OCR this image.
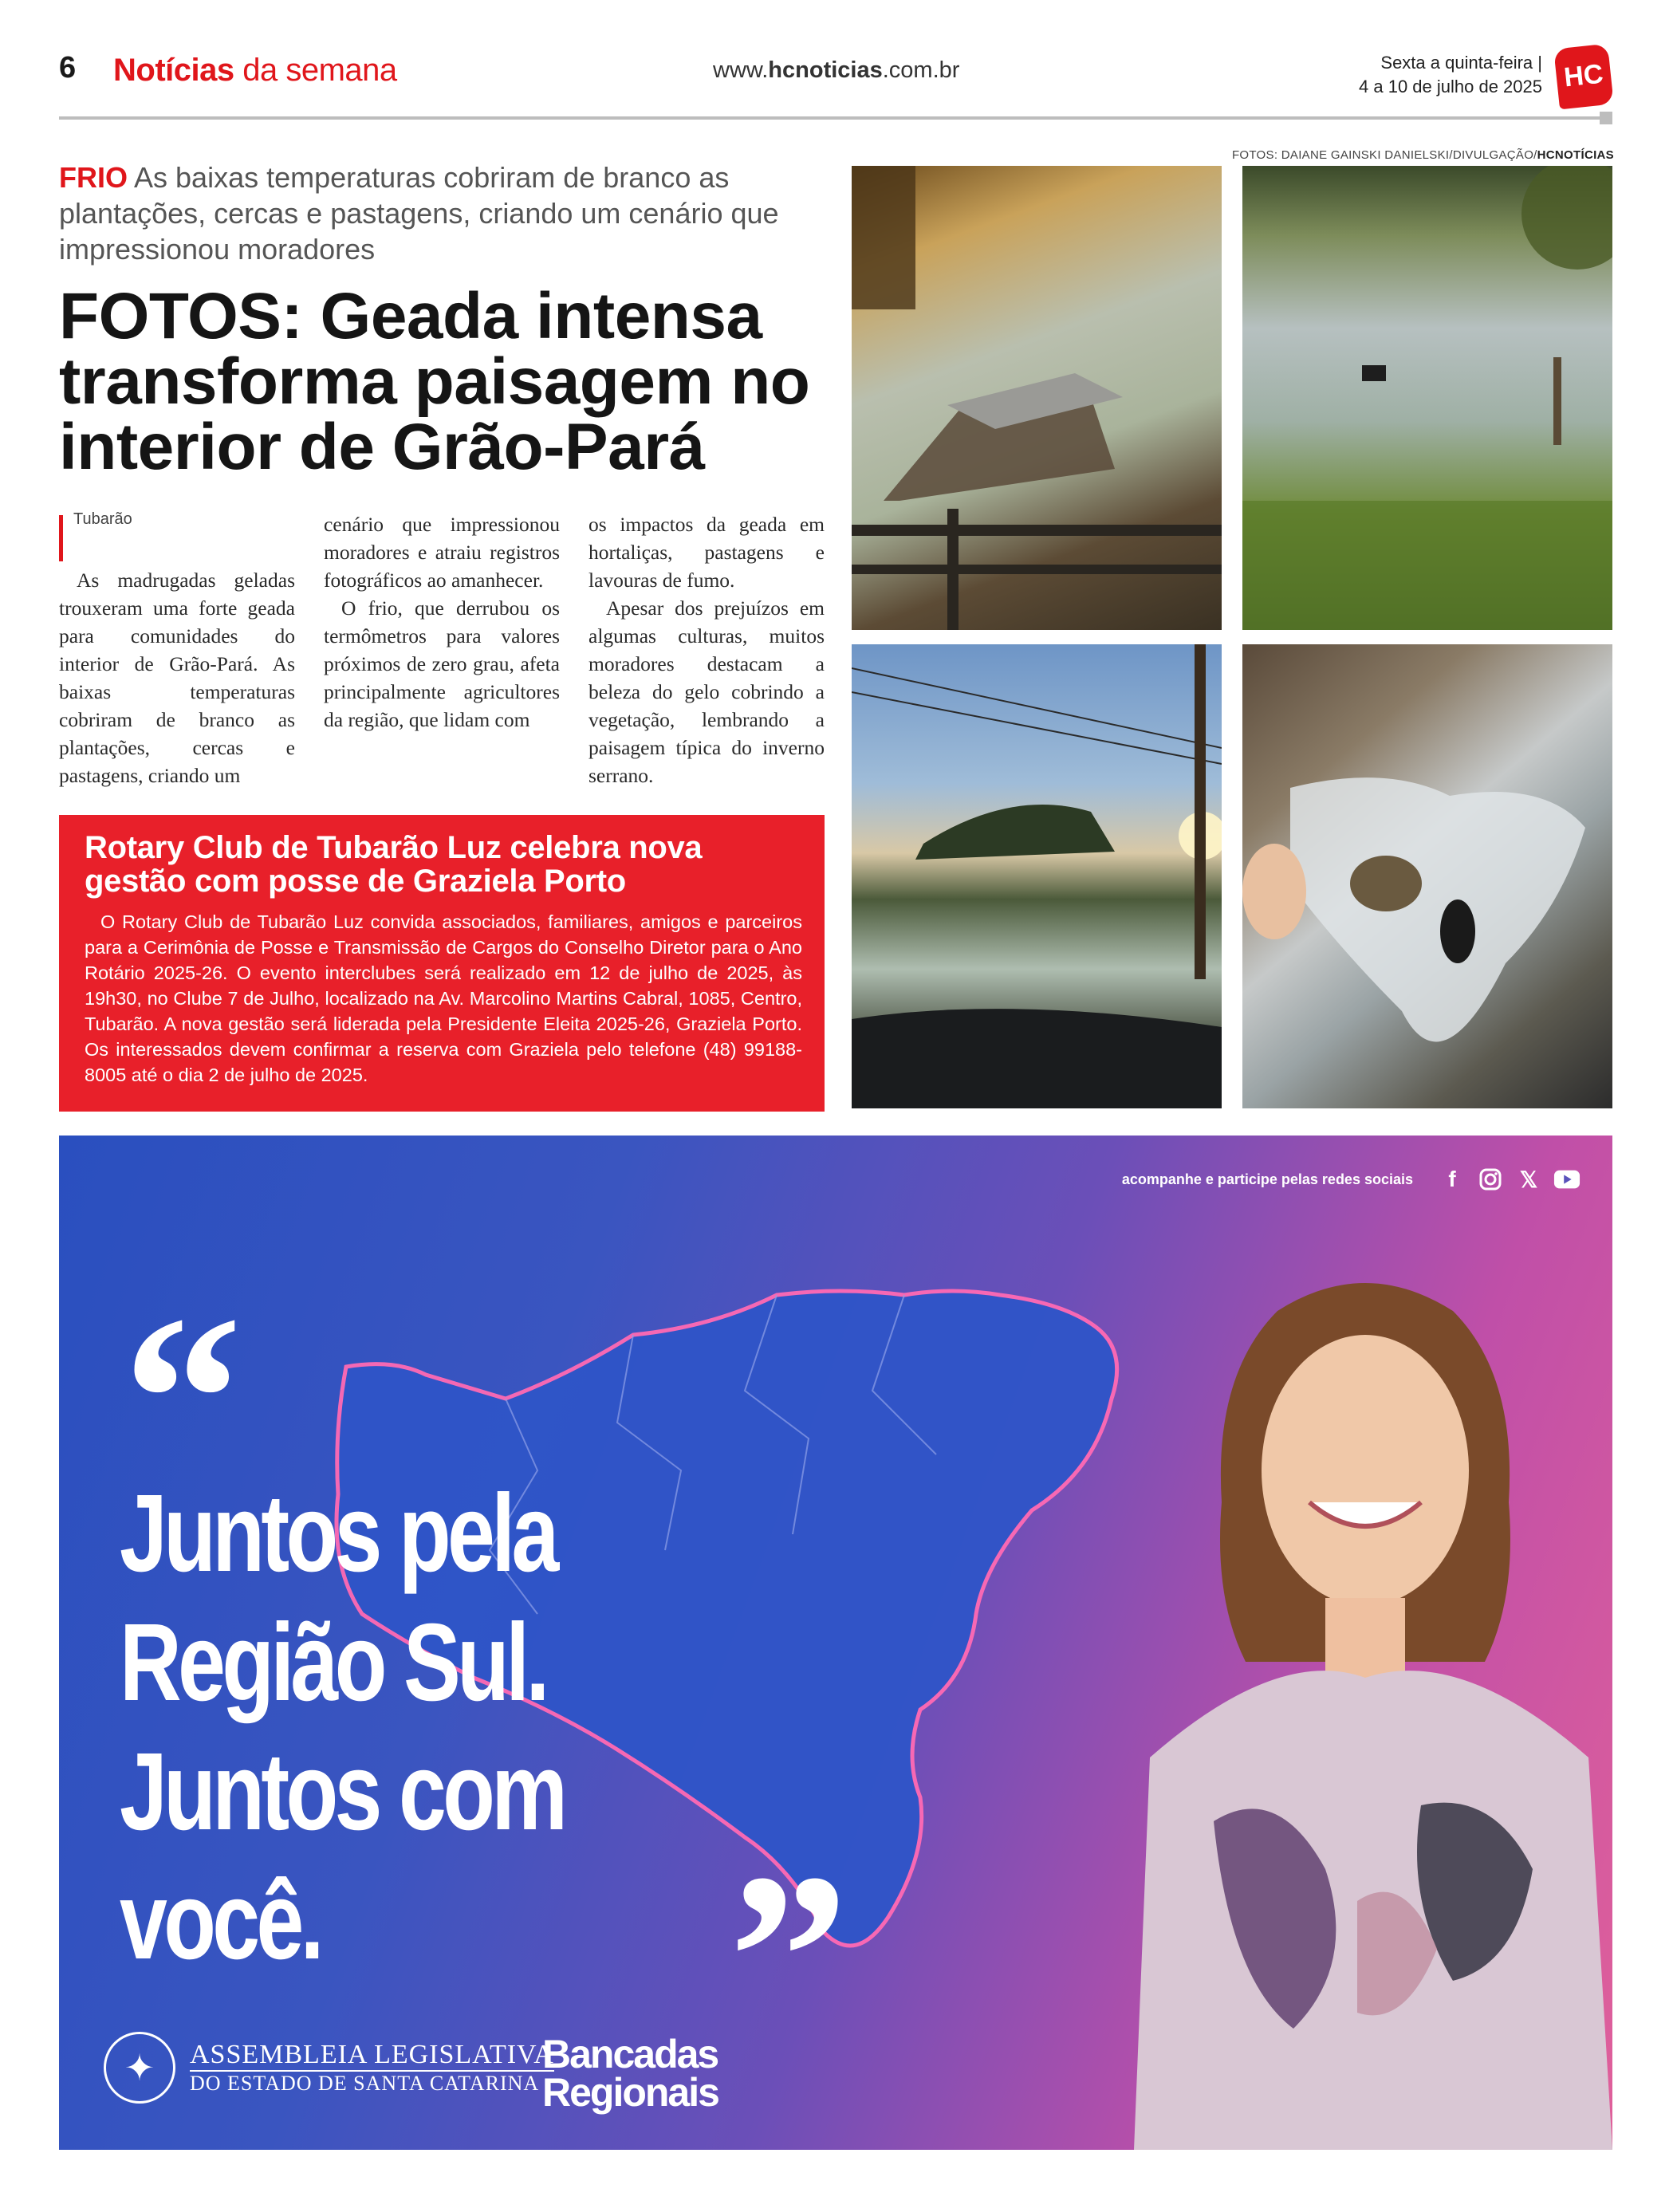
6 Notícias da semana	www.hcnoticias.com.br	Sexta a quinta-feira |
4 a 10 de julho de 2025 HC
FRIO As baixas temperaturas cobriram de branco as plantações, cercas e pastagens, criando um cenário que impressionou moradores
FOTOS: Geada intensa transforma paisagem no interior de Grão-Pará
Tubarão

As madrugadas geladas trouxeram uma forte geada para comunidades do interior de Grão-Pará. As baixas temperaturas cobriram de branco as plantações, cercas e pastagens, criando um

cenário que impressionou moradores e atraiu registros fotográficos ao amanhecer.

O frio, que derrubou os termômetros para valores próximos de zero grau, afeta principalmente agricultores da região, que lidam com

os impactos da geada em hortaliças, pastagens e lavouras de fumo.

Apesar dos prejuízos em algumas culturas, muitos moradores destacam a beleza do gelo cobrindo a vegetação, lembrando a paisagem típica do inverno serrano.

Rotary Club de Tubarão Luz celebra nova gestão com posse de Graziela Porto
O Rotary Club de Tubarão Luz convida associados, familiares, amigos e parceiros para a Cerimônia de Posse e Transmissão de Cargos do Conselho Diretor para o Ano Rotário 2025-26. O evento interclubes será realizado em 12 de julho de 2025, às 19h30, no Clube 7 de Julho, localizado na Av. Marcolino Martins Cabral, 1085, Centro, Tubarão. A nova gestão será liderada pela Presidente Eleita 2025-26, Graziela Porto. Os interessados devem confirmar a reserva com Graziela pelo telefone (48) 99188-8005 até o dia 2 de julho de 2025.
FOTOS: DAIANE GAINSKI DANIELSKI/DIVULGAÇÃO/HCNOTÍCIAS
acompanhe e participe pelas redes sociais	f	𝕏
“
Juntos pela
Região Sul.
Juntos com você.	”
✦	ASSEMBLEIA LEGISLATIVA
DO ESTADO DE SANTA CATARINA
Bancadas
Regionais
